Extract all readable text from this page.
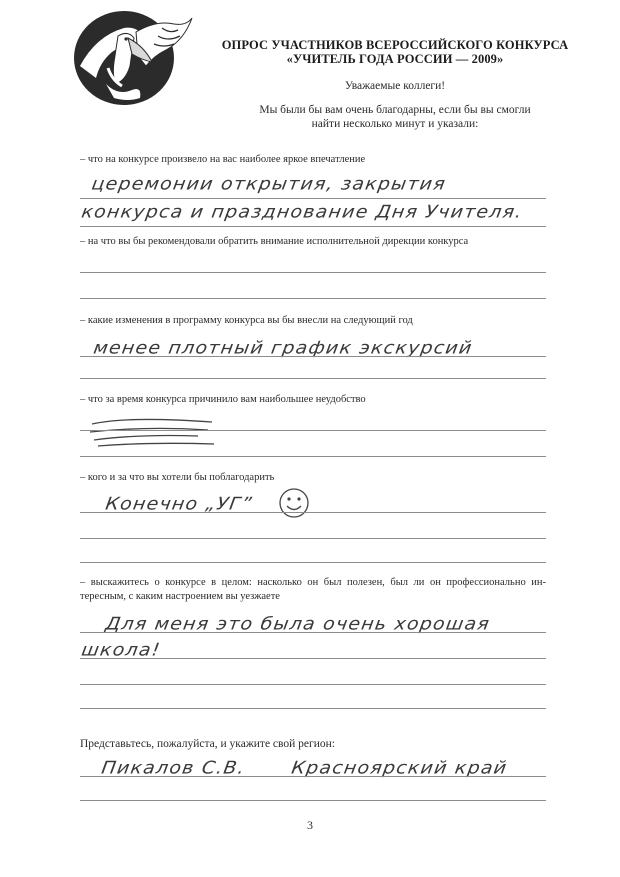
ОПРОС УЧАСТНИКОВ ВСЕРОССИЙСКОГО КОНКУРСА
«УЧИТЕЛЬ ГОДА РОССИИ — 2009»
Уважаемые коллеги!
Мы были бы вам очень благодарны, если бы вы смогли
найти несколько минут и указали:
– что на конкурсе произвело на вас наиболее яркое впечатление
церемонии открытия, закрытия
конкурса и празднование Дня Учителя.
– на что вы бы рекомендовали обратить внимание исполнительной дирекции конкурса
– какие изменения в программу конкурса вы бы внесли на следующий год
менее плотный график экскурсий
– что за время конкурса причинило вам наибольшее неудобство
– кого и за что вы хотели бы поблагодарить
Конечно „УГ”
– выскажитесь о конкурсе в целом: насколько он был полезен, был ли он профессионально ин-
тересным, с каким настроением вы уезжаете
Для меня это была очень хорошая
школа!
Представьтесь, пожалуйста, и укажите свой регион:
Пикалов С.В. Красноярский край
3
